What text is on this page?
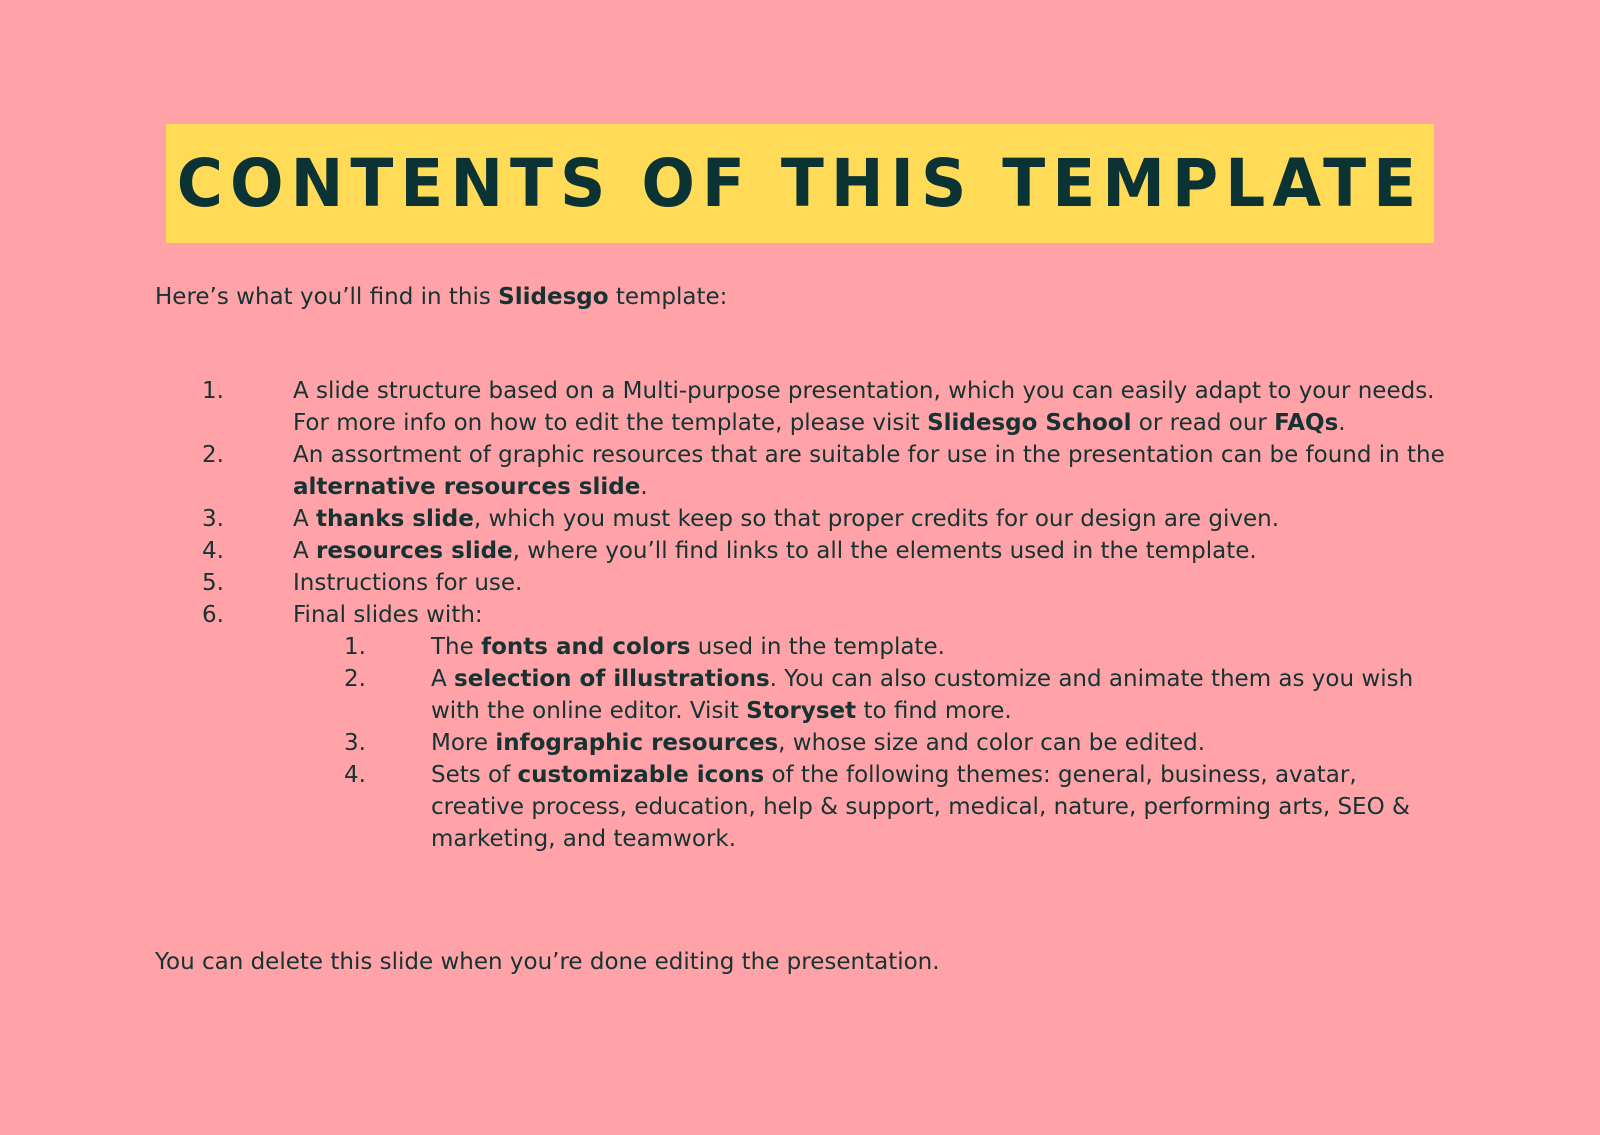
CONTENTS OF THIS TEMPLATE

Here’s what you’ll find in this Slidesgo template:

1.	A slide structure based on a Multi-purpose presentation, which you can easily adapt to your needs. For more info on how to edit the template, please visit Slidesgo School or read our FAQs.
2.	An assortment of graphic resources that are suitable for use in the presentation can be found in the alternative resources slide.
3.	A thanks slide, which you must keep so that proper credits for our design are given.
4.	A resources slide, where you’ll find links to all the elements used in the template.
5.	Instructions for use.
6.	Final slides with:
1.	The fonts and colors used in the template.
2.	A selection of illustrations. You can also customize and animate them as you wish with the online editor. Visit Storyset to find more.
3.	More infographic resources, whose size and color can be edited.
4.	Sets of customizable icons of the following themes: general, business, avatar, creative process, education, help & support, medical, nature, performing arts, SEO & marketing, and teamwork.

You can delete this slide when you’re done editing the presentation.
